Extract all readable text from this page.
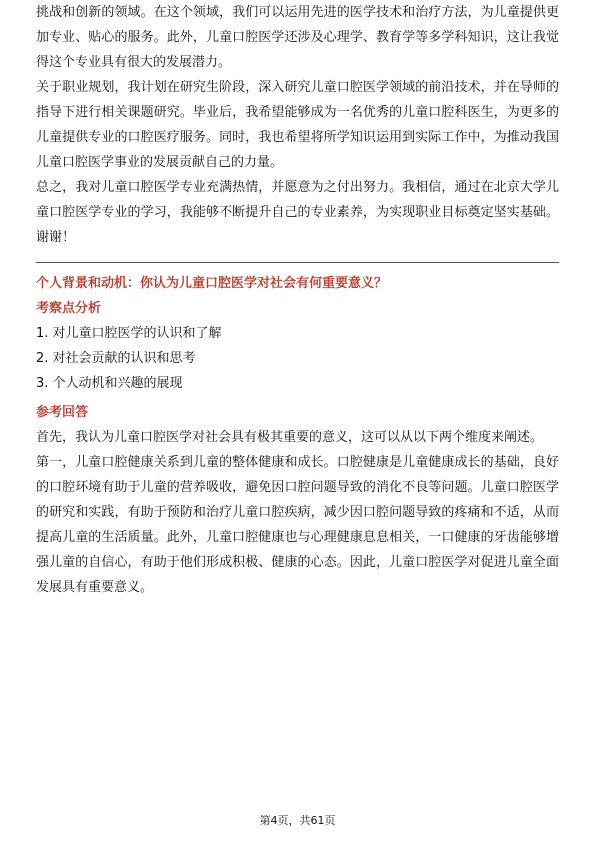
挑战和创新的领域。在这个领域，我们可以运用先进的医学技术和治疗方法，为儿童提供更加专业、贴心的服务。此外，儿童口腔医学还涉及心理学、教育学等多学科知识，这让我觉得这个专业具有很大的发展潜力。

关于职业规划，我计划在研究生阶段，深入研究儿童口腔医学领域的前沿技术，并在导师的指导下进行相关课题研究。毕业后，我希望能够成为一名优秀的儿童口腔科医生，为更多的儿童提供专业的口腔医疗服务。同时，我也希望将所学知识运用到实际工作中，为推动我国儿童口腔医学事业的发展贡献自己的力量。

总之，我对儿童口腔医学专业充满热情，并愿意为之付出努力。我相信，通过在北京大学儿童口腔医学专业的学习，我能够不断提升自己的专业素养，为实现职业目标奠定坚实基础。谢谢！

个人背景和动机：你认为儿童口腔医学对社会有何重要意义？

考察点分析

1. 对儿童口腔医学的认识和了解

2. 对社会贡献的认识和思考

3. 个人动机和兴趣的展现

参考回答

首先，我认为儿童口腔医学对社会具有极其重要的意义，这可以从以下两个维度来阐述。

第一，儿童口腔健康关系到儿童的整体健康和成长。口腔健康是儿童健康成长的基础，良好的口腔环境有助于儿童的营养吸收，避免因口腔问题导致的消化不良等问题。儿童口腔医学的研究和实践，有助于预防和治疗儿童口腔疾病，减少因口腔问题导致的疼痛和不适，从而提高儿童的生活质量。此外，儿童口腔健康也与心理健康息息相关，一口健康的牙齿能够增强儿童的自信心，有助于他们形成积极、健康的心态。因此，儿童口腔医学对促进儿童全面发展具有重要意义。

第4页，共61页
